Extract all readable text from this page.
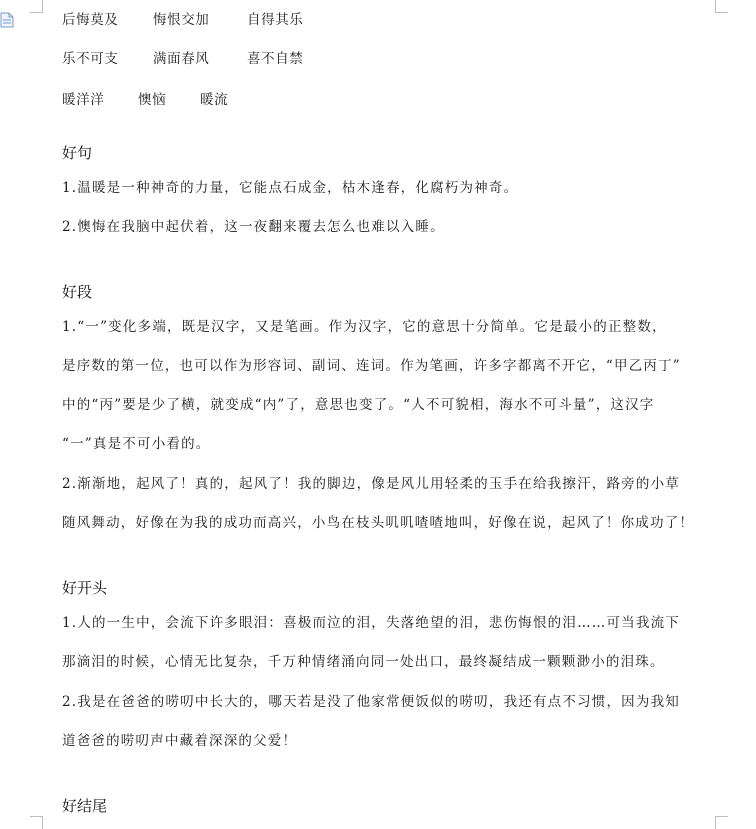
后悔莫及	悔恨交加	自得其乐
乐不可支	满面春风	喜不自禁
暖洋洋 懊恼	暖流
好句
1.温暖是一种神奇的力量，它能点石成金，枯木逢春，化腐朽为神奇。
2.懊悔在我脑中起伏着，这一夜翻来覆去怎么也难以入睡。
好段
1.“一”变化多端，既是汉字，又是笔画。作为汉字，它的意思十分简单。它是最小的正整数，
是序数的第一位，也可以作为形容词、副词、连词。作为笔画，许多字都离不开它，“甲乙丙丁”
中的“丙”要是少了横，就变成“内”了，意思也变了。“人不可貌相，海水不可斗量”，这汉字
“一”真是不可小看的。
2.渐渐地，起风了！真的，起风了！我的脚边，像是风儿用轻柔的玉手在给我擦汗，路旁的小草
随风舞动，好像在为我的成功而高兴，小鸟在枝头叽叽喳喳地叫，好像在说，起风了！你成功了！
好开头
1.人的一生中，会流下许多眼泪：喜极而泣的泪，失落绝望的泪，悲伤悔恨的泪……可当我流下
那滴泪的时候，心情无比复杂，千万种情绪涌向同一处出口，最终凝结成一颗颗渺小的泪珠。
2.我是在爸爸的唠叨中长大的，哪天若是没了他家常便饭似的唠叨，我还有点不习惯，因为我知
道爸爸的唠叨声中藏着深深的父爱！
好结尾
